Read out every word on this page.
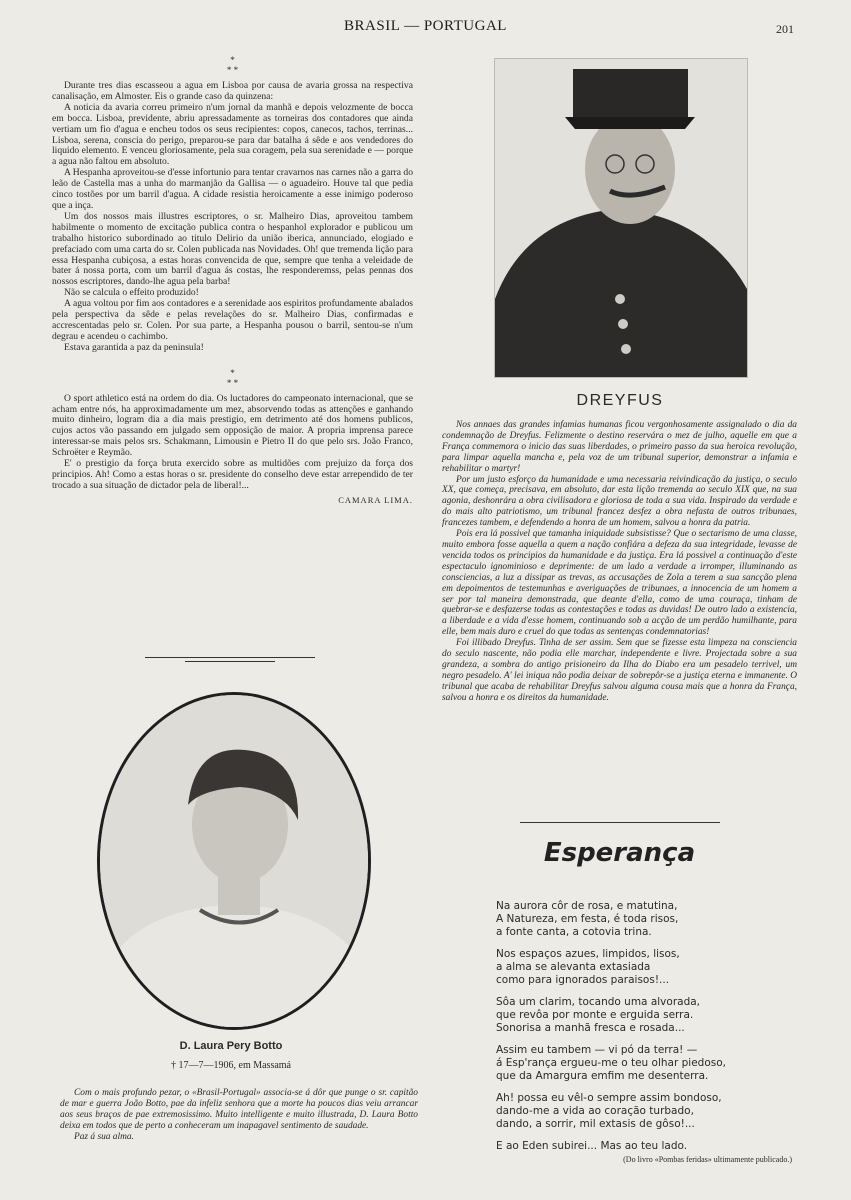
BRASIL — PORTUGAL	201
*
* *

Durante tres dias escasseou a agua em Lisboa por causa de avaria grossa na respectiva canalisação, em Almoster. Eis o grande caso da quinzena:

A noticia da avaria correu primeiro n'um jornal da manhã e depois velozmente de bocca em bocca. Lisboa, previdente, abriu apressadamente as torneiras dos contadores que ainda vertiam um fio d'agua e encheu todos os seus recipientes: copos, canecos, tachos, terrinas... Lisboa, serena, conscia do perigo, preparou-se para dar batalha á sêde e aos vendedores do liquido elemento. E venceu gloriosamente, pela sua coragem, pela sua serenidade e — porque a agua não faltou em absoluto.

A Hespanha aproveitou-se d'esse infortunio para tentar cravarnos nas carnes não a garra do leão de Castella mas a unha do marmanjão da Gallisa — o aguadeiro. Houve tal que pedia cinco tostões por um barril d'agua. A cidade resistia heroicamente a esse inimigo poderoso que a inça.

Um dos nossos mais illustres escriptores, o sr. Malheiro Dias, aproveitou tambem habilmente o momento de excitação publica contra o hespanhol explorador e publicou um trabalho historico subordinado ao titulo Delirio da união iberica, annunciado, elogiado e prefaciado com uma carta do sr. Colen publicada nas Novidades. Oh! que tremenda lição para essa Hespanha cubiçosa, a estas horas convencida de que, sempre que tenha a veleidade de bater á nossa porta, com um barril d'agua ás costas, lhe responderemss, pelas pennas dos nossos escriptores, dando-lhe agua pela barba!

Não se calcula o effeito produzido!

A agua voltou por fim aos contadores e a serenidade aos espiritos profundamente abalados pela perspectiva da sêde e pelas revelações do sr. Malheiro Dias, confirmadas e accrescentadas pelo sr. Colen. Por sua parte, a Hespanha pousou o barril, sentou-se n'um degrau e acendeu o cachimbo.

Estava garantida a paz da peninsula!

*
* *

O sport athletico está na ordem do dia. Os luctadores do campeonato internacional, que se acham entre nós, ha approximadamente um mez, absorvendo todas as attenções e ganhando muito dinheiro, logram dia a dia mais prestigio, em detrimento até dos homens publicos, cujos actos vão passando em julgado sem opposição de maior. A propria imprensa parece interessar-se mais pelos srs. Schakmann, Limousin e Pietro II do que pelo srs. João Franco, Schroëter e Reymão.

E' o prestigio da força bruta exercido sobre as multidões com prejuizo da força dos principios. Ah! Como a estas horas o sr. presidente do conselho deve estar arrependido de ter trocado a sua situação de dictador pela de liberal!...

CAMARA LIMA.
D. Laura Pery Botto
† 17—7—1906, em Massamá

Com o mais profundo pezar, o «Brasil-Portugal» associa-se á dôr que punge o sr. capitão de mar e guerra João Botto, pae da infeliz senhora que a morte ha poucos dias veiu arrancar aos seus braços de pae extremosissimo. Muito intelligente e muito illustrada, D. Laura Botto deixa em todos que de perto a conheceram um inapagavel sentimento de saudade.

Paz á sua alma.

DREYFUS

Nos annaes das grandes infamias humanas ficou vergonhosamente assignalado o dia da condemnação de Dreyfus. Felizmente o destino reservára o mez de julho, aquelle em que a França commemora o inicio das suas liberdades, o primeiro passo da sua heroica revolução, para limpar aquella mancha e, pela voz de um tribunal superior, demonstrar a infamia e rehabilitar o martyr!

Por um justo esforço da humanidade e uma necessaria reivindicação da justiça, o seculo XX, que começa, precisava, em absoluto, dar esta lição tremenda ao seculo XIX que, na sua agonia, deshonrára a obra civilisadora e gloriosa de toda a sua vida. Inspirado da verdade e do mais alto patriotismo, um tribunal francez desfez a obra nefasta de outros tribunaes, francezes tambem, e defendendo a honra de um homem, salvou a honra da patria.

Pois era lá possivel que tamanha iniquidade subsistisse? Que o sectarismo de uma classe, muito embora fosse aquella a quem a nação confiára a defeza da sua integridade, levasse de vencida todos os principios da humanidade e da justiça. Era lá possivel a continuação d'este espectaculo ignominioso e deprimente: de um lado a verdade a irromper, illuminando as consciencias, a luz a dissipar as trevas, as accusações de Zola a terem a sua sancção plena em depoimentos de testemunhas e averiguações de tribunaes, a innocencia de um homem a ser por tal maneira demonstrada, que deante d'ella, como de uma couraça, tinham de quebrar-se e desfazerse todas as contestações e todas as duvidas! De outro lado a existencia, a liberdade e a vida d'esse homem, continuando sob a acção de um perdão humilhante, para elle, bem mais duro e cruel do que todas as sentenças condemnatorias!

Foi illibado Dreyfus. Tinha de ser assim. Sem que se fizesse esta limpeza na consciencia do seculo nascente, não podia elle marchar, independente e livre. Projectada sobre a sua grandeza, a sombra do antigo prisioneiro da Ilha do Diabo era um pesadelo terrivel, um negro pesadelo. A' lei iniqua não podia deixar de sobrepôr-se a justiça eterna e immanente. O tribunal que acaba de rehabilitar Dreyfus salvou alguma cousa mais que a honra da França, salvou a honra e os direitos da humanidade.

Esperança
Na aurora côr de rosa, e matutina,
A Natureza, em festa, é toda risos,
a fonte canta, a cotovia trina.
Nos espaços azues, limpidos, lisos,
a alma se alevanta extasiada
como para ignorados paraisos!...
Sôa um clarim, tocando uma alvorada,
que revôa por monte e erguida serra.
Sonorisa a manhã fresca e rosada...
Assim eu tambem — vi pó da terra! —
á Esp'rança ergueu-me o teu olhar piedoso,
que da Amargura emfim me desenterra.
Ah! possa eu vêl-o sempre assim bondoso,
dando-me a vida ao coração turbado,
dando, a sorrir, mil extasis de gôso!...
E ao Eden subirei... Mas ao teu lado.
(Do livro «Pombas feridas» ultimamente publicado.)
